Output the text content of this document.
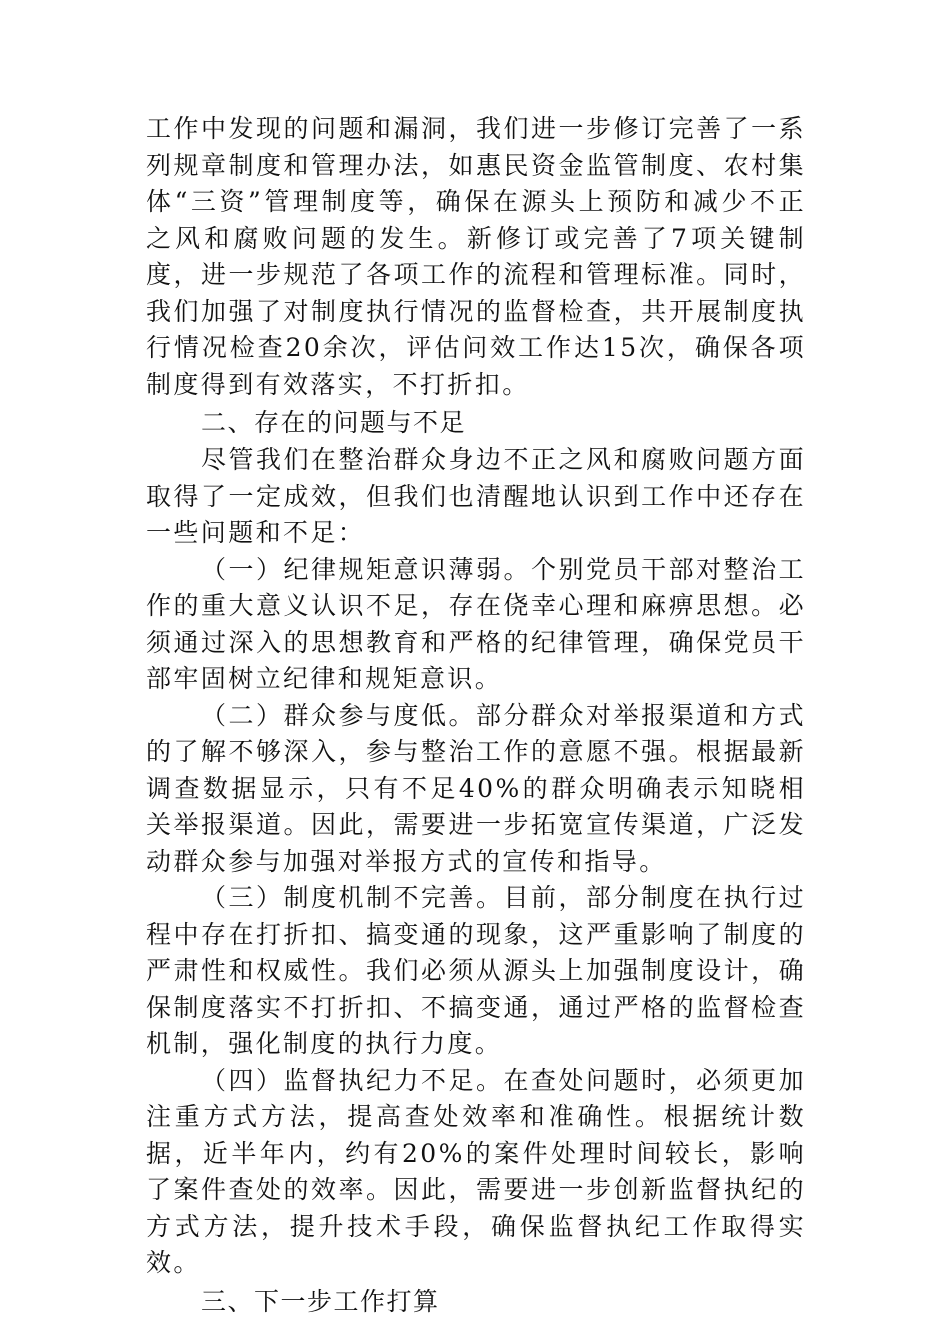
工作中发现的问题和漏洞，我们进一步修订完善了一系列规章制度和管理办法，如惠民资金监管制度、农村集体“三资”管理制度等，确保在源头上预防和减少不正之风和腐败问题的发生。新修订或完善了7项关键制度，进一步规范了各项工作的流程和管理标准。同时，我们加强了对制度执行情况的监督检查，共开展制度执行情况检查20余次，评估问效工作达15次，确保各项制度得到有效落实，不打折扣。

二、存在的问题与不足

尽管我们在整治群众身边不正之风和腐败问题方面取得了一定成效，但我们也清醒地认识到工作中还存在一些问题和不足：

（一）纪律规矩意识薄弱。个别党员干部对整治工作的重大意义认识不足，存在侥幸心理和麻痹思想。必须通过深入的思想教育和严格的纪律管理，确保党员干部牢固树立纪律和规矩意识。

（二）群众参与度低。部分群众对举报渠道和方式的了解不够深入，参与整治工作的意愿不强。根据最新调查数据显示，只有不足40%的群众明确表示知晓相关举报渠道。因此，需要进一步拓宽宣传渠道，广泛发动群众参与加强对举报方式的宣传和指导。

（三）制度机制不完善。目前，部分制度在执行过程中存在打折扣、搞变通的现象，这严重影响了制度的严肃性和权威性。我们必须从源头上加强制度设计，确保制度落实不打折扣、不搞变通，通过严格的监督检查机制，强化制度的执行力度。

（四）监督执纪力不足。在查处问题时，必须更加注重方式方法，提高查处效率和准确性。根据统计数据，近半年内，约有20%的案件处理时间较长，影响了案件查处的效率。因此，需要进一步创新监督执纪的方式方法，提升技术手段，确保监督执纪工作取得实效。

三、下一步工作打算
